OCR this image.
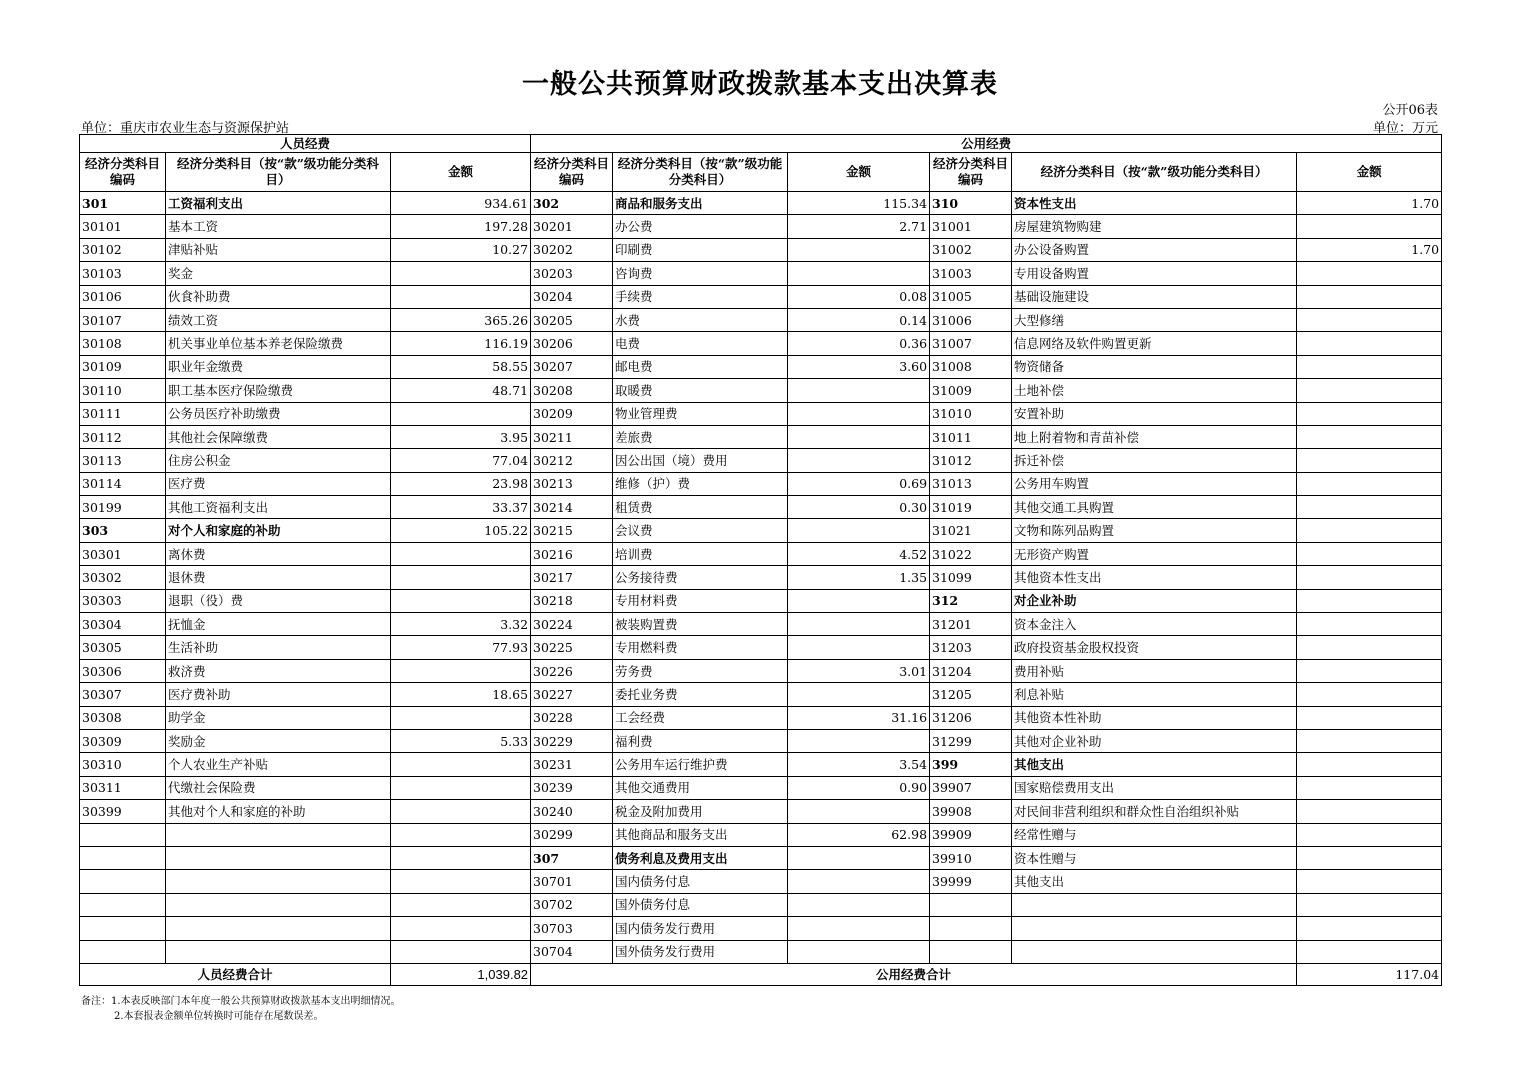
一般公共预算财政拨款基本支出决算表
公开06表
单位：重庆市农业生态与资源保护站	单位：万元
人员经费			公用经费					
经济分类科目编码	经济分类科目（按“款”级功能分类科目）	金额	经济分类科目编码	经济分类科目（按“款”级功能分类科目）	金额	经济分类科目编码	经济分类科目（按“款”级功能分类科目）	金额
301	工资福利支出	934.61	302	商品和服务支出	115.34	310	资本性支出	1.70
30101	基本工资	197.28	30201	办公费	2.71	31001	房屋建筑物购建	
30102	津贴补贴	10.27	30202	印刷费		31002	办公设备购置	1.70
30103	奖金		30203	咨询费		31003	专用设备购置	
30106	伙食补助费		30204	手续费	0.08	31005	基础设施建设	
30107	绩效工资	365.26	30205	水费	0.14	31006	大型修缮	
30108	机关事业单位基本养老保险缴费	116.19	30206	电费	0.36	31007	信息网络及软件购置更新	
30109	职业年金缴费	58.55	30207	邮电费	3.60	31008	物资储备	
30110	职工基本医疗保险缴费	48.71	30208	取暖费		31009	土地补偿	
30111	公务员医疗补助缴费		30209	物业管理费		31010	安置补助	
30112	其他社会保障缴费	3.95	30211	差旅费		31011	地上附着物和青苗补偿	
30113	住房公积金	77.04	30212	因公出国（境）费用		31012	拆迁补偿	
30114	医疗费	23.98	30213	维修（护）费	0.69	31013	公务用车购置	
30199	其他工资福利支出	33.37	30214	租赁费	0.30	31019	其他交通工具购置	
303	对个人和家庭的补助	105.22	30215	会议费		31021	文物和陈列品购置	
30301	离休费		30216	培训费	4.52	31022	无形资产购置	
30302	退休费		30217	公务接待费	1.35	31099	其他资本性支出	
30303	退职（役）费		30218	专用材料费		312	对企业补助	
30304	抚恤金	3.32	30224	被装购置费		31201	资本金注入	
30305	生活补助	77.93	30225	专用燃料费		31203	政府投资基金股权投资	
30306	救济费		30226	劳务费	3.01	31204	费用补贴	
30307	医疗费补助	18.65	30227	委托业务费		31205	利息补贴	
30308	助学金		30228	工会经费	31.16	31206	其他资本性补助	
30309	奖励金	5.33	30229	福利费		31299	其他对企业补助	
30310	个人农业生产补贴		30231	公务用车运行维护费	3.54	399	其他支出	
30311	代缴社会保险费		30239	其他交通费用	0.90	39907	国家赔偿费用支出	
30399	其他对个人和家庭的补助		30240	税金及附加费用		39908	对民间非营利组织和群众性自治组织补贴	
			30299	其他商品和服务支出	62.98	39909	经常性赠与	
			307	债务利息及费用支出		39910	资本性赠与	
			30701	国内债务付息		39999	其他支出	
			30702	国外债务付息				
			30703	国内债务发行费用				
			30704	国外债务发行费用				
人员经费合计		1,039.82	公用经费合计					117.04
备注：1.本表反映部门本年度一般公共预算财政拨款基本支出明细情况。
2.本套报表金额单位转换时可能存在尾数误差。
